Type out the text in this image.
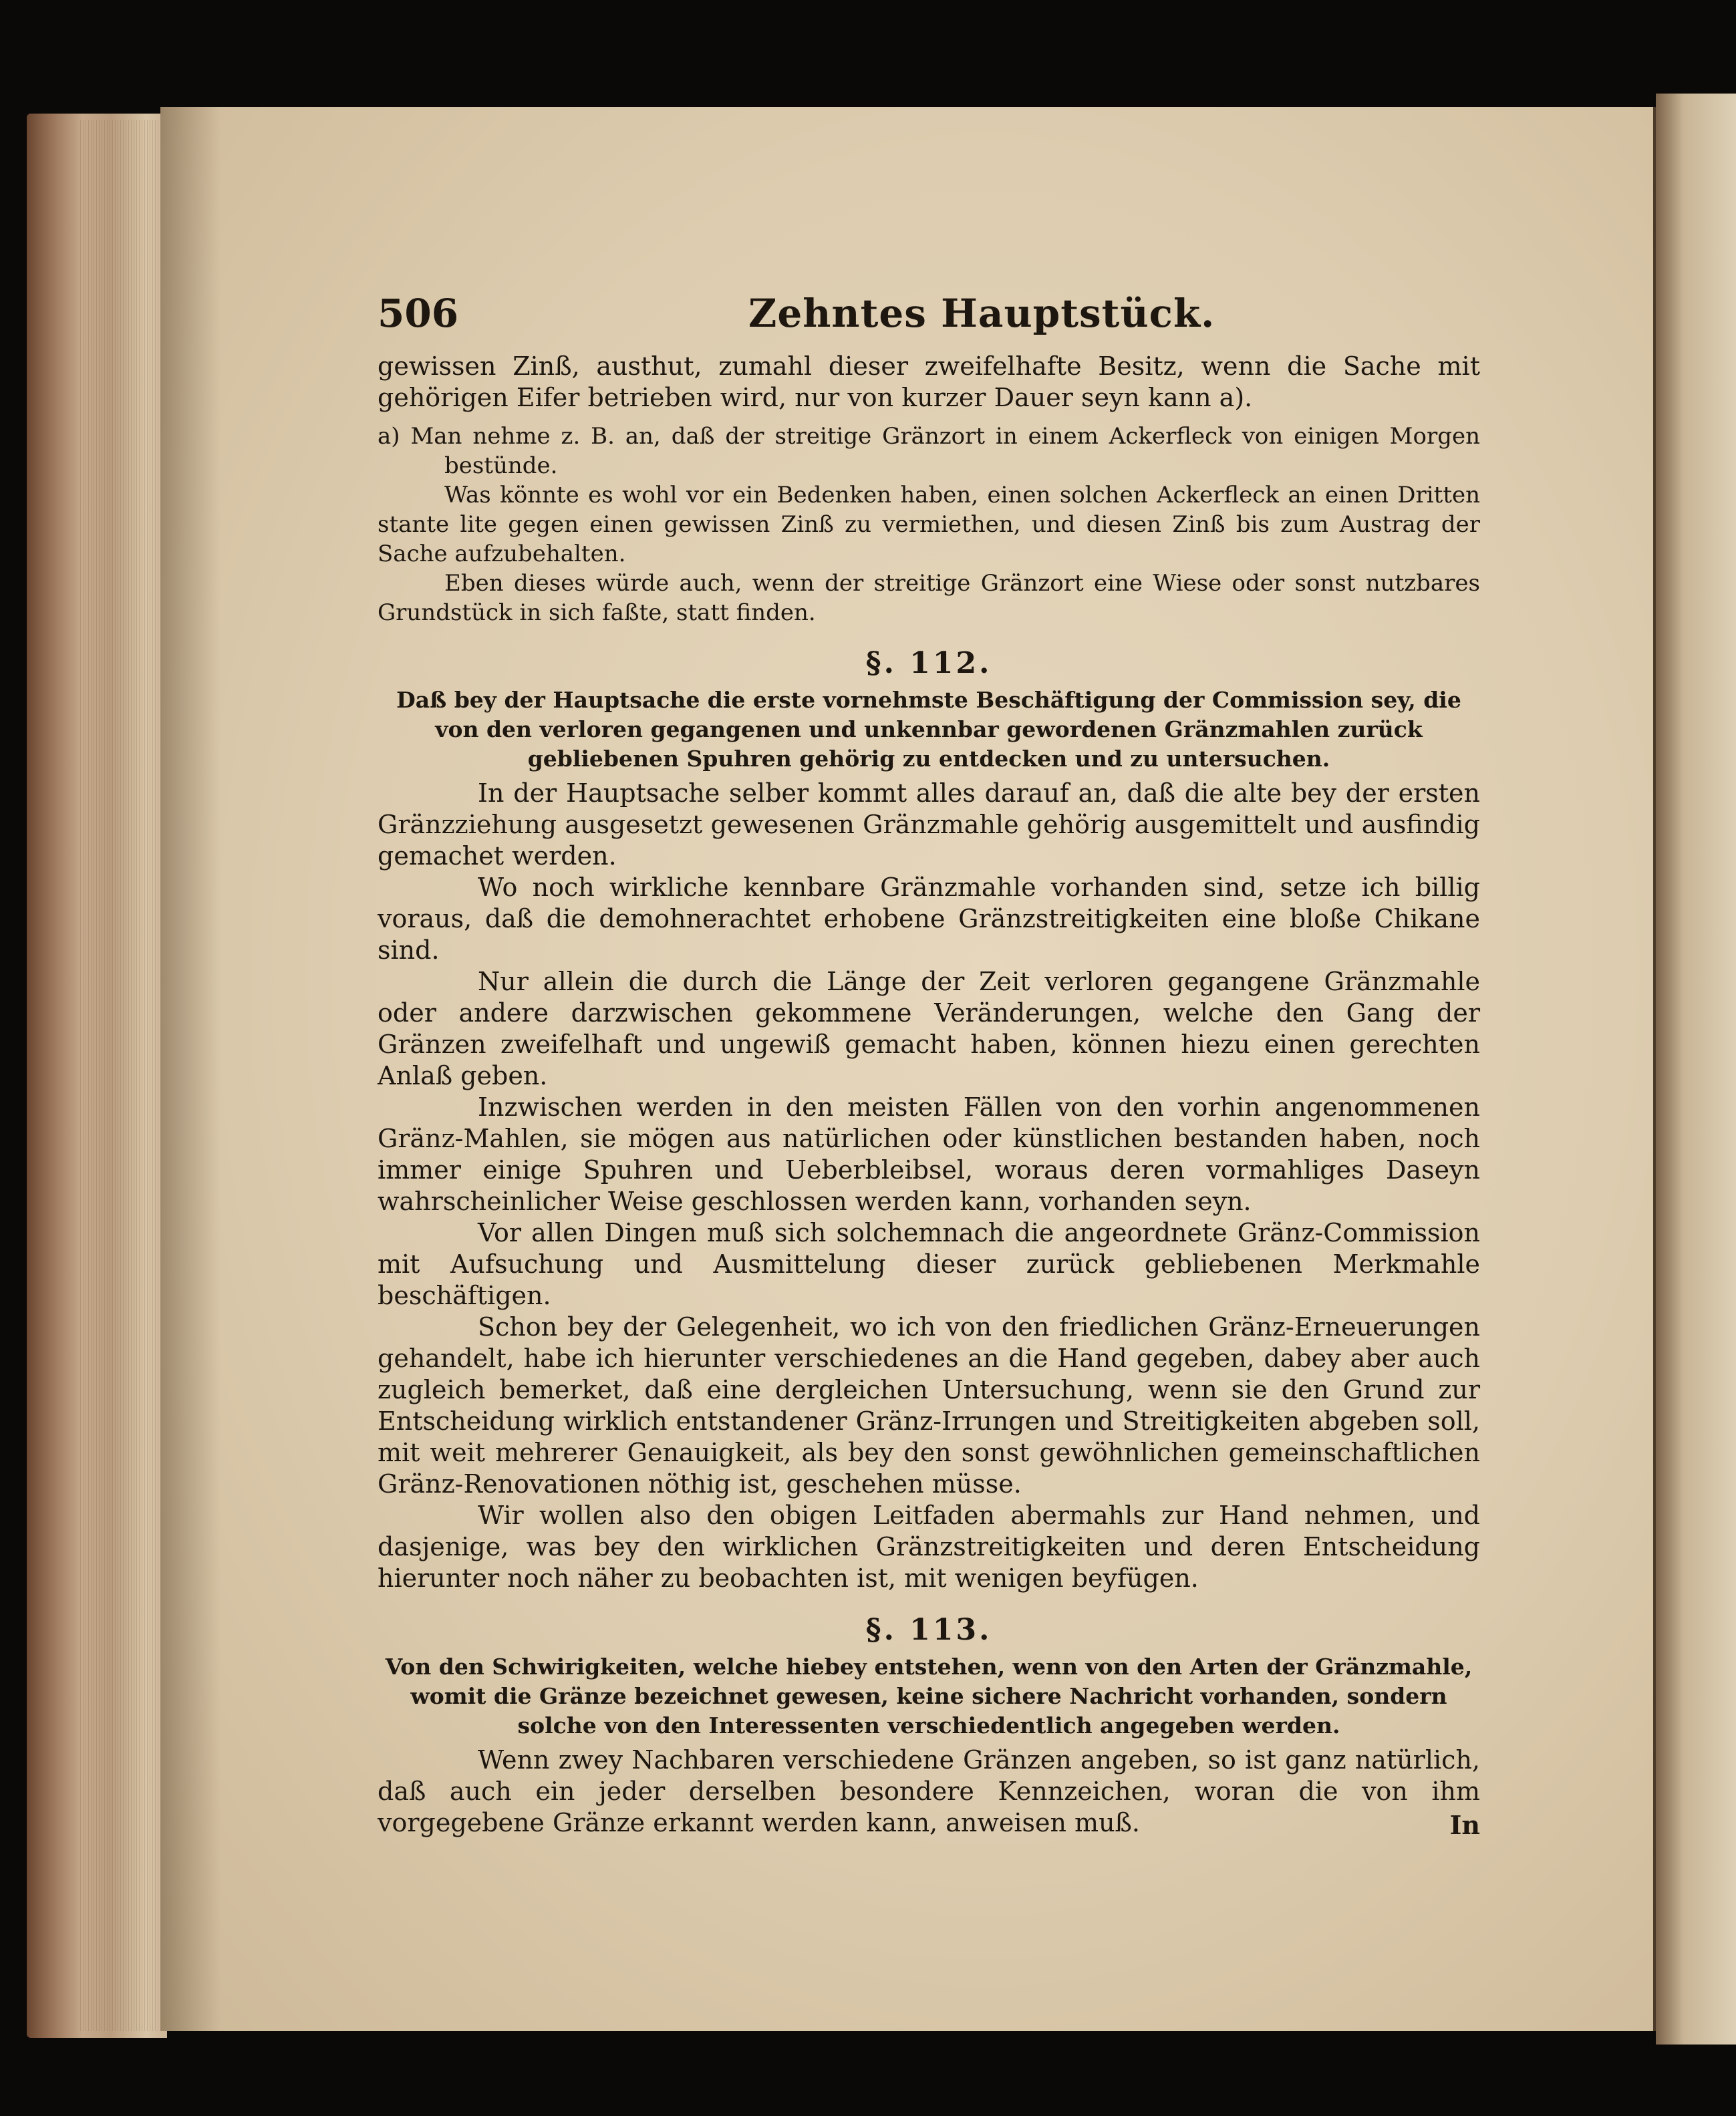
506	Zehntes Hauptstück.

gewissen Zinß, austhut, zumahl dieser zweifelhafte Besitz, wenn die Sache mit gehörigen Eifer betrieben wird, nur von kurzer Dauer seyn kann a).

a) Man nehme z. B. an, daß der streitige Gränzort in einem Ackerfleck von einigen Morgen bestünde.

Was könnte es wohl vor ein Bedenken haben, einen solchen Ackerfleck an einen Dritten stante lite gegen einen gewissen Zinß zu vermiethen, und diesen Zinß bis zum Austrag der Sache aufzubehalten.

Eben dieses würde auch, wenn der streitige Gränzort eine Wiese oder sonst nutzbares Grundstück in sich faßte, statt finden.

§. 112.
Daß bey der Hauptsache die erste vornehmste Beschäftigung der Commission sey, die von den verloren gegangenen und unkennbar gewordenen Gränzmahlen zurück gebliebenen Spuhren gehörig zu entdecken und zu untersuchen.

In der Hauptsache selber kommt alles darauf an, daß die alte bey der ersten Gränzziehung ausgesetzt gewesenen Gränzmahle gehörig ausgemittelt und ausfindig gemachet werden.

Wo noch wirkliche kennbare Gränzmahle vorhanden sind, setze ich billig voraus, daß die demohnerachtet erhobene Gränzstreitigkeiten eine bloße Chikane sind.

Nur allein die durch die Länge der Zeit verloren gegangene Gränzmahle oder andere darzwischen gekommene Veränderungen, welche den Gang der Gränzen zweifelhaft und ungewiß gemacht haben, können hiezu einen gerechten Anlaß geben.

Inzwischen werden in den meisten Fällen von den vorhin angenommenen Gränz-Mahlen, sie mögen aus natürlichen oder künstlichen bestanden haben, noch immer einige Spuhren und Ueberbleibsel, woraus deren vormahliges Daseyn wahrscheinlicher Weise geschlossen werden kann, vorhanden seyn.

Vor allen Dingen muß sich solchemnach die angeordnete Gränz-Commission mit Aufsuchung und Ausmittelung dieser zurück gebliebenen Merkmahle beschäftigen.

Schon bey der Gelegenheit, wo ich von den friedlichen Gränz-Erneuerungen gehandelt, habe ich hierunter verschiedenes an die Hand gegeben, dabey aber auch zugleich bemerket, daß eine dergleichen Untersuchung, wenn sie den Grund zur Entscheidung wirklich entstandener Gränz-Irrungen und Streitigkeiten abgeben soll, mit weit mehrerer Genauigkeit, als bey den sonst gewöhnlichen gemeinschaftlichen Gränz-Renovationen nöthig ist, geschehen müsse.

Wir wollen also den obigen Leitfaden abermahls zur Hand nehmen, und dasjenige, was bey den wirklichen Gränzstreitigkeiten und deren Entscheidung hierunter noch näher zu beobachten ist, mit wenigen beyfügen.

§. 113.
Von den Schwirigkeiten, welche hiebey entstehen, wenn von den Arten der Gränzmahle, womit die Gränze bezeichnet gewesen, keine sichere Nachricht vorhanden, sondern solche von den Interessenten verschiedentlich angegeben werden.

Wenn zwey Nachbaren verschiedene Gränzen angeben, so ist ganz natürlich, daß auch ein jeder derselben besondere Kennzeichen, woran die von ihm vorgegebene Gränze erkannt werden kann, anweisen muß.	In
